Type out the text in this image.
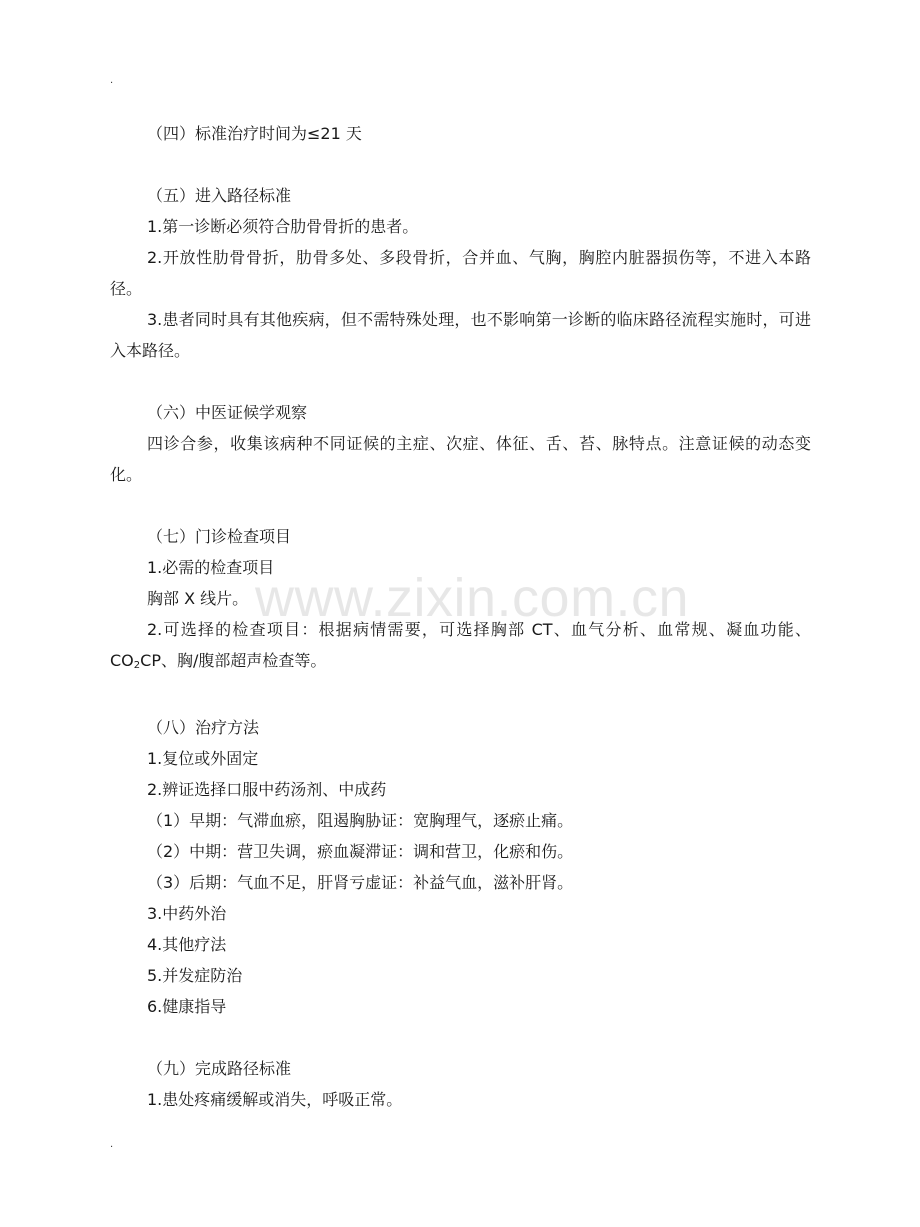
.

（四）标准治疗时间为≤21 天

（五）进入路径标准

1.第一诊断必须符合肋骨骨折的患者。

2.开放性肋骨骨折，肋骨多处、多段骨折，合并血、气胸，胸腔内脏器损伤等，不进入本路径。

3.患者同时具有其他疾病，但不需特殊处理，也不影响第一诊断的临床路径流程实施时，可进入本路径。

（六）中医证候学观察

四诊合参，收集该病种不同证候的主症、次症、体征、舌、苔、脉特点。注意证候的动态变化。

（七）门诊检查项目

1.必需的检查项目

胸部 X 线片。

2.可选择的检查项目：根据病情需要，可选择胸部 CT、血气分析、血常规、凝血功能、$CO_2CP$、胸/腹部超声检查等。

（八）治疗方法

1.复位或外固定

2.辨证选择口服中药汤剂、中成药

（1）早期：气滞血瘀，阻遏胸胁证：宽胸理气，逐瘀止痛。

（2）中期：营卫失调，瘀血凝滞证：调和营卫，化瘀和伤。

（3）后期：气血不足，肝肾亏虚证：补益气血，滋补肝肾。

3.中药外治

4.其他疗法

5.并发症防治

6.健康指导

（九）完成路径标准

1.患处疼痛缓解或消失，呼吸正常。

www.zixin.com.cn
.
